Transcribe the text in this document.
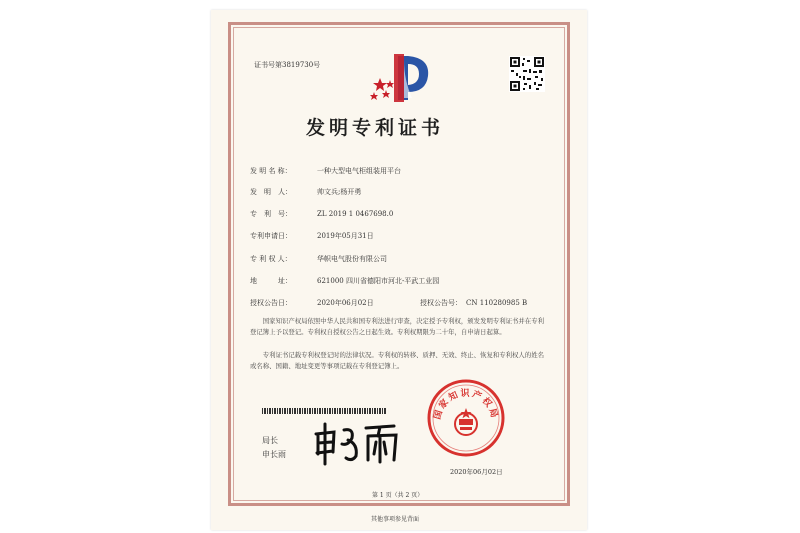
证书号第3819730号
发明专利证书
发 明 名 称：	一种大型电气柜组装用平台
发　明　人：	帅文兵;杨开勇
专　利　号：	ZL 2019 1 0467698.0
专利申请日：	2019年05月31日
专 利 权 人：	华帜电气股份有限公司
地　　　址：	621000 四川省德阳市河北-平武工业园
授权公告日：	2020年06月02日	授权公告号： CN 110280985 B
国家知识产权局依照中华人民共和国专利法进行审查，决定授予专利权，颁发发明专利证书并在专利登记簿上予以登记。专利权自授权公告之日起生效。专利权期限为二十年，自申请日起算。
专利证书记载专利权登记时的法律状况。专利权的转移、质押、无效、终止、恢复和专利权人的姓名或名称、国籍、地址变更等事项记载在专利登记簿上。
局长
申长雨
国家知识产权局
2020年06月02日
第 1 页（共 2 页）
其他事项参见背面
